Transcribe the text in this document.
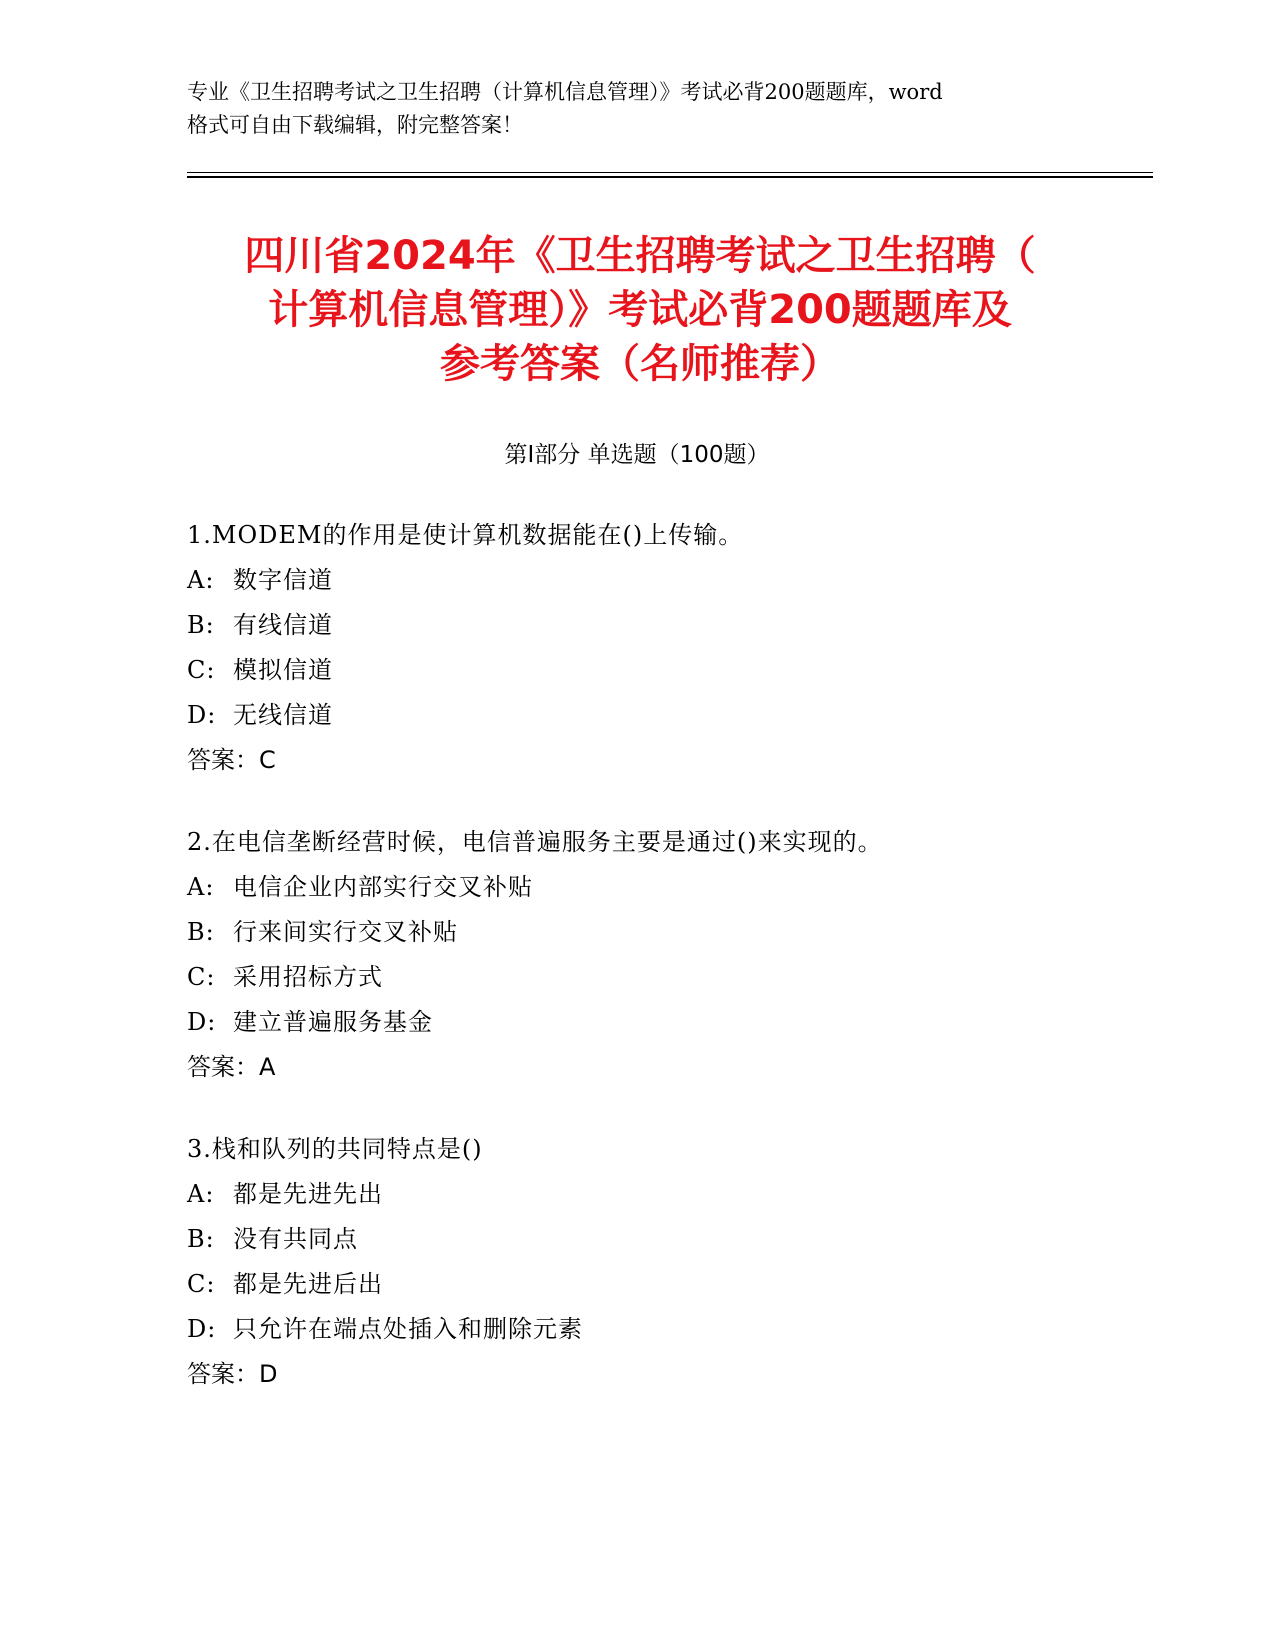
专业《卫生招聘考试之卫生招聘（计算机信息管理）》考试必背200题题库，word
格式可自由下载编辑，附完整答案！
四川省2024年《卫生招聘考试之卫生招聘（
计算机信息管理）》考试必背200题题库及
参考答案（名师推荐）
第Ⅰ部分 单选题（100题）
1.MODEM的作用是使计算机数据能在()上传输。
A: 数字信道
B: 有线信道
C: 模拟信道
D: 无线信道
答案：C
2.在电信垄断经营时候，电信普遍服务主要是通过()来实现的。
A: 电信企业内部实行交叉补贴
B: 行来间实行交叉补贴
C: 采用招标方式
D: 建立普遍服务基金
答案：A
3.栈和队列的共同特点是()
A: 都是先进先出
B: 没有共同点
C: 都是先进后出
D: 只允许在端点处插入和删除元素
答案：D
